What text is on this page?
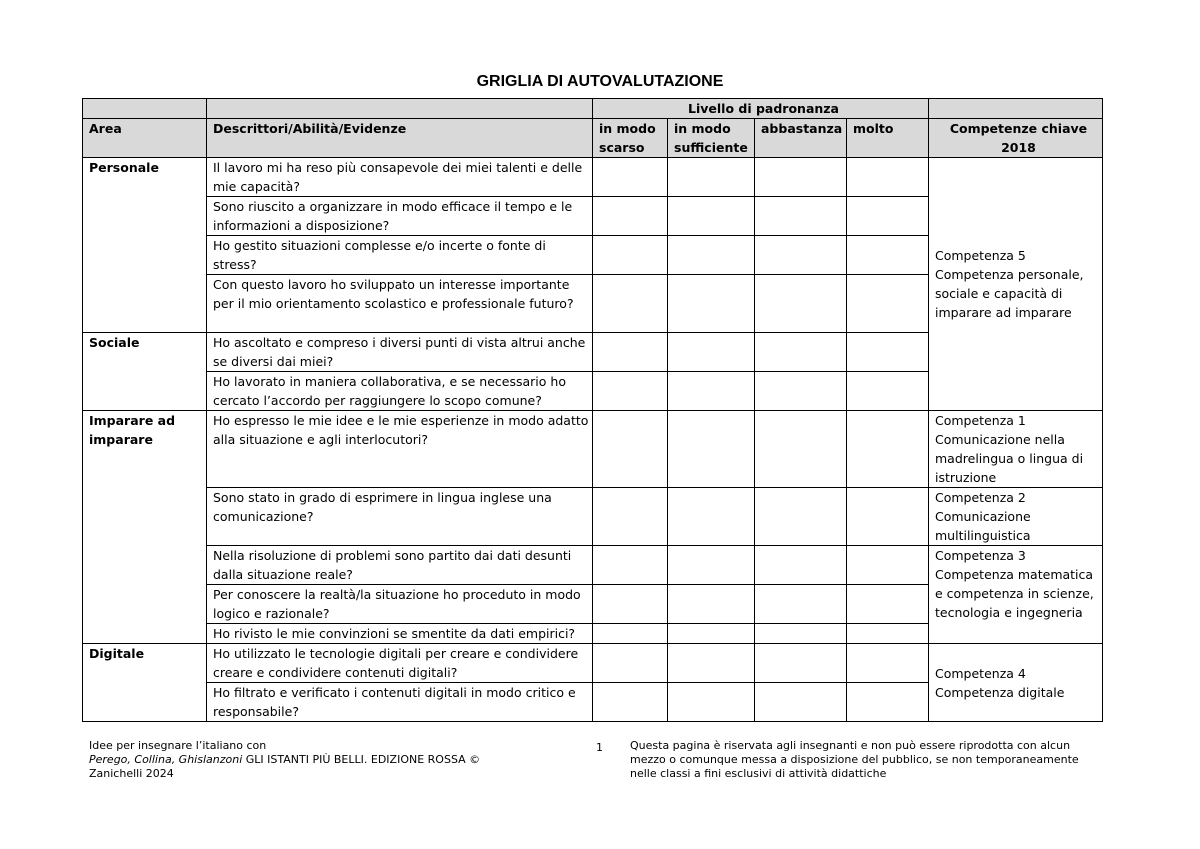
GRIGLIA DI AUTOVALUTAZIONE
		Livello di padronanza				
Area	Descrittori/Abilità/Evidenze	in modo scarso	in modo sufficiente	abbastanza	molto	Competenze chiave 2018
Personale	Il lavoro mi ha reso più consapevole dei miei talenti e delle mie capacità?					Competenza 5 Competenza personale, sociale e capacità di imparare ad imparare
	Sono riuscito a organizzare in modo efficace il tempo e le informazioni a disposizione?					
	Ho gestito situazioni complesse e/o incerte o fonte di stress?					
	Con questo lavoro ho sviluppato un interesse importante per il mio orientamento scolastico e professionale futuro?					
Sociale	Ho ascoltato e compreso i diversi punti di vista altrui anche se diversi dai miei?					
	Ho lavorato in maniera collaborativa, e se necessario ho cercato l’accordo per raggiungere lo scopo comune?					
Imparare ad imparare	Ho espresso le mie idee e le mie esperienze in modo adatto alla situazione e agli interlocutori?					Competenza 1 Comunicazione nella madrelingua o lingua di istruzione
	Sono stato in grado di esprimere in lingua inglese una comunicazione?					Competenza 2 Comunicazione multilinguistica
	Nella risoluzione di problemi sono partito dai dati desunti dalla situazione reale?					Competenza 3 Competenza matematica e competenza in scienze, tecnologia e ingegneria
	Per conoscere la realtà/la situazione ho proceduto in modo logico e razionale?					
	Ho rivisto le mie convinzioni se smentite da dati empirici?					
Digitale	Ho utilizzato le tecnologie digitali per creare e condividere creare e condividere contenuti digitali?					Competenza 4 Competenza digitale
	Ho filtrato e verificato i contenuti digitali in modo critico e responsabile?					
Idee per insegnare l’italiano con
Perego, Collina, Ghislanzoni GLI ISTANTI PIÙ BELLI. EDIZIONE ROSSA ©
Zanichelli 2024
1 Questa pagina è riservata agli insegnanti e non può essere riprodotta con alcun mezzo o comunque messa a disposizione del pubblico, se non temporaneamente nelle classi a fini esclusivi di attività didattiche
